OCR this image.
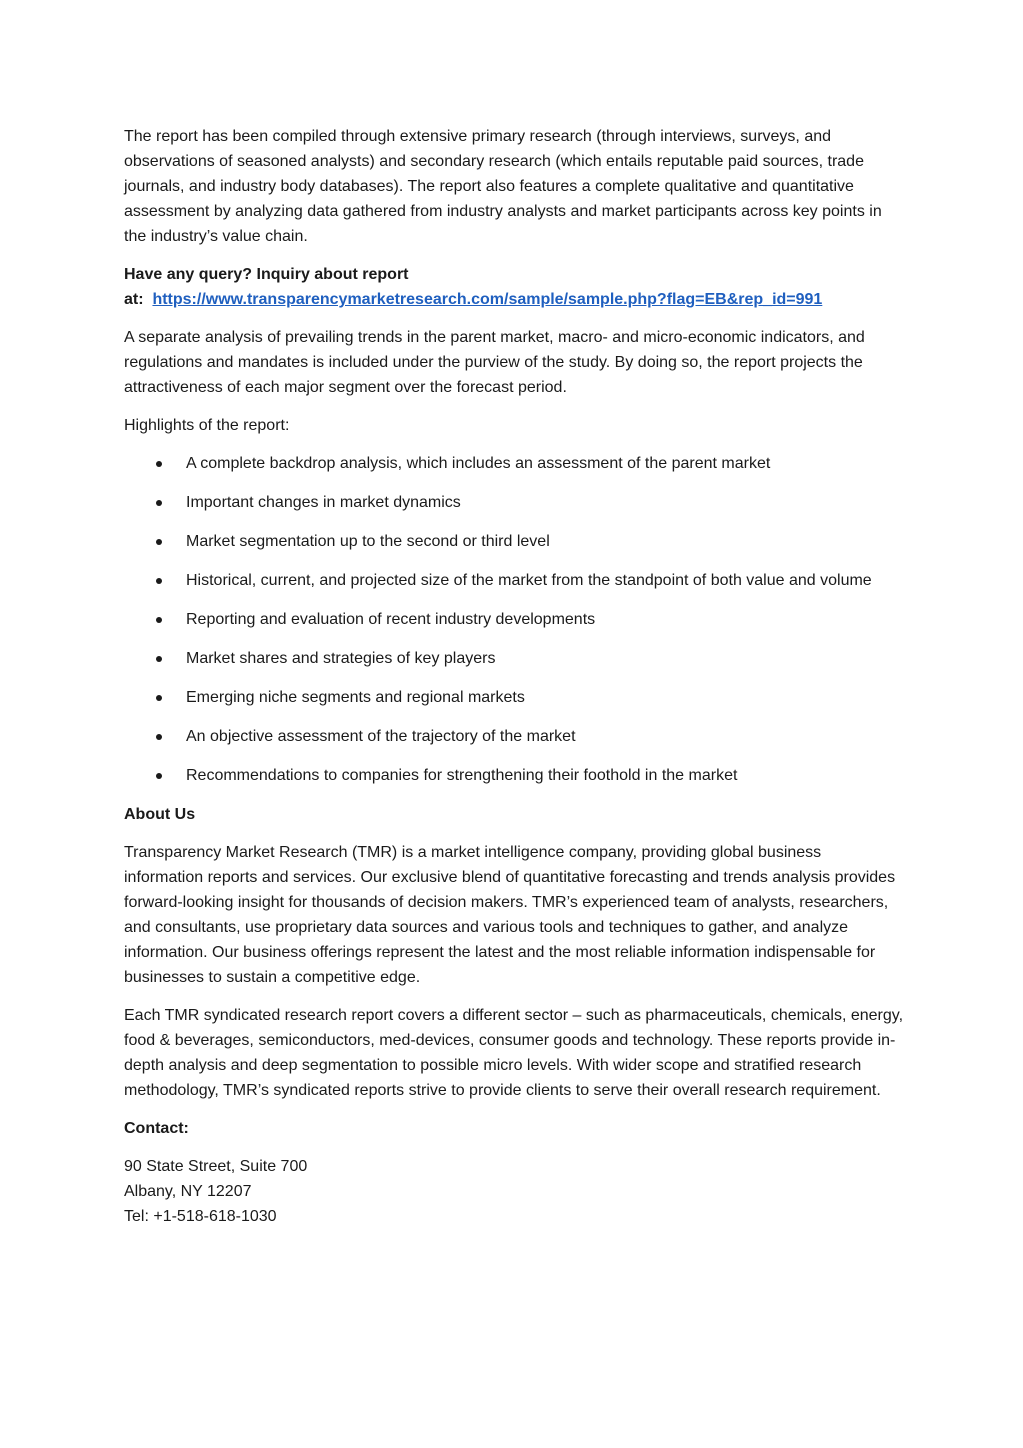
The report has been compiled through extensive primary research (through interviews, surveys, and observations of seasoned analysts) and secondary research (which entails reputable paid sources, trade journals, and industry body databases). The report also features a complete qualitative and quantitative assessment by analyzing data gathered from industry analysts and market participants across key points in the industry’s value chain.

Have any query? Inquiry about report
at: https://www.transparencymarketresearch.com/sample/sample.php?flag=EB&rep_id=991

A separate analysis of prevailing trends in the parent market, macro- and micro-economic indicators, and regulations and mandates is included under the purview of the study. By doing so, the report projects the attractiveness of each major segment over the forecast period.

Highlights of the report:

A complete backdrop analysis, which includes an assessment of the parent market
Important changes in market dynamics
Market segmentation up to the second or third level
Historical, current, and projected size of the market from the standpoint of both value and volume
Reporting and evaluation of recent industry developments
Market shares and strategies of key players
Emerging niche segments and regional markets
An objective assessment of the trajectory of the market
Recommendations to companies for strengthening their foothold in the market

About Us

Transparency Market Research (TMR) is a market intelligence company, providing global business information reports and services. Our exclusive blend of quantitative forecasting and trends analysis provides forward-looking insight for thousands of decision makers. TMR’s experienced team of analysts, researchers, and consultants, use proprietary data sources and various tools and techniques to gather, and analyze information. Our business offerings represent the latest and the most reliable information indispensable for businesses to sustain a competitive edge.

Each TMR syndicated research report covers a different sector – such as pharmaceuticals, chemicals, energy, food & beverages, semiconductors, med-devices, consumer goods and technology. These reports provide in-depth analysis and deep segmentation to possible micro levels. With wider scope and stratified research methodology, TMR’s syndicated reports strive to provide clients to serve their overall research requirement.

Contact:

90 State Street, Suite 700
Albany, NY 12207
Tel: +1-518-618-1030
